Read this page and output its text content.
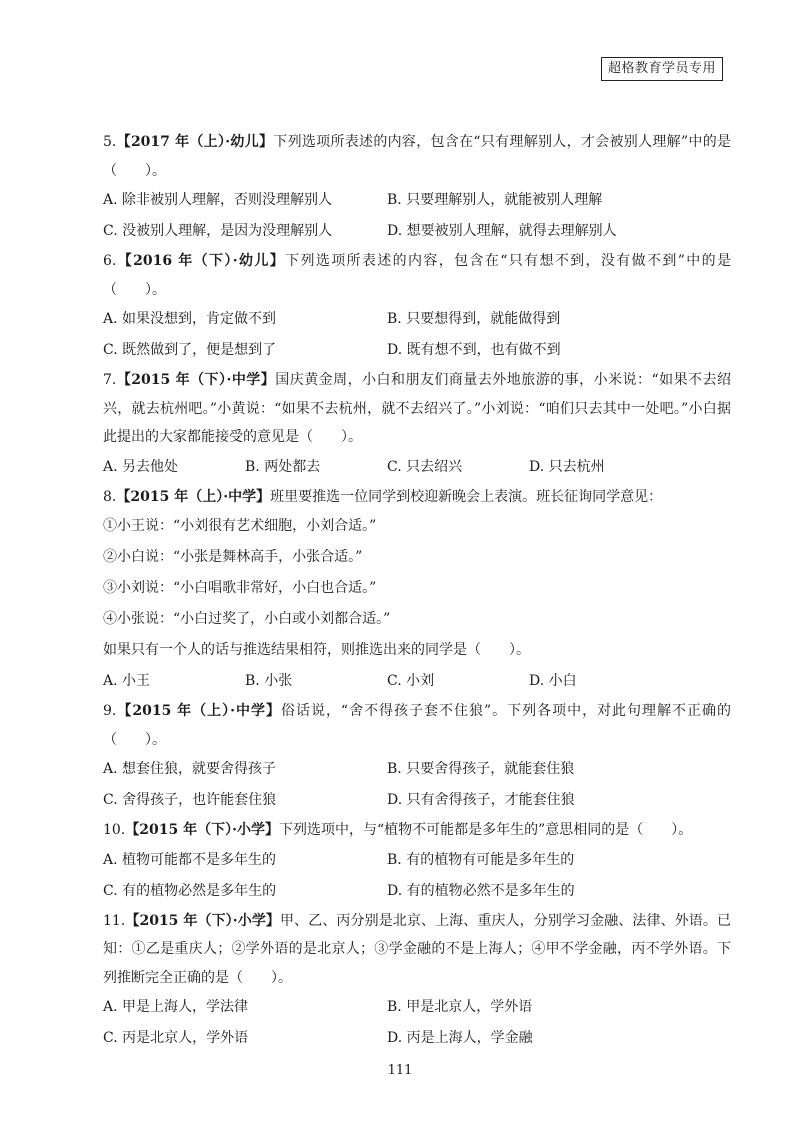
超格教育学员专用
5.【2017 年（上）·幼儿】下列选项所表述的内容，包含在“只有理解别人，才会被别人理解”中的是（　　）。
A. 除非被别人理解，否则没理解别人	B. 只要理解别人，就能被别人理解
C. 没被别人理解，是因为没理解别人	D. 想要被别人理解，就得去理解别人
6.【2016 年（下）·幼儿】下列选项所表述的内容，包含在“只有想不到，没有做不到”中的是（　　）。
A. 如果没想到，肯定做不到	B. 只要想得到，就能做得到
C. 既然做到了，便是想到了	D. 既有想不到，也有做不到
7.【2015 年（下）·中学】国庆黄金周，小白和朋友们商量去外地旅游的事，小米说：“如果不去绍兴，就去杭州吧。”小黄说：“如果不去杭州，就不去绍兴了。”小刘说：“咱们只去其中一处吧。”小白据此提出的大家都能接受的意见是（　　）。
A. 另去他处	B. 两处都去	C. 只去绍兴	D. 只去杭州
8.【2015 年（上）·中学】班里要推选一位同学到校迎新晚会上表演。班长征询同学意见：
①小王说：“小刘很有艺术细胞，小刘合适。”
②小白说：“小张是舞林高手，小张合适。”
③小刘说：“小白唱歌非常好，小白也合适。”
④小张说：“小白过奖了，小白或小刘都合适。”
如果只有一个人的话与推选结果相符，则推选出来的同学是（　　）。
A. 小王	B. 小张	C. 小刘	D. 小白
9.【2015 年（上）·中学】俗话说，“舍不得孩子套不住狼”。下列各项中，对此句理解不正确的（　　）。
A. 想套住狼，就要舍得孩子	B. 只要舍得孩子，就能套住狼
C. 舍得孩子，也许能套住狼	D. 只有舍得孩子，才能套住狼
10.【2015 年（下）·小学】下列选项中，与“植物不可能都是多年生的”意思相同的是（　　）。
A. 植物可能都不是多年生的	B. 有的植物有可能是多年生的
C. 有的植物必然是多年生的	D. 有的植物必然不是多年生的
11.【2015 年（下）·小学】甲、乙、丙分别是北京、上海、重庆人，分别学习金融、法律、外语。已知：①乙是重庆人；②学外语的是北京人；③学金融的不是上海人；④甲不学金融，丙不学外语。下列推断完全正确的是（　　）。
A. 甲是上海人，学法律	B. 甲是北京人，学外语
C. 丙是北京人，学外语	D. 丙是上海人，学金融
111
